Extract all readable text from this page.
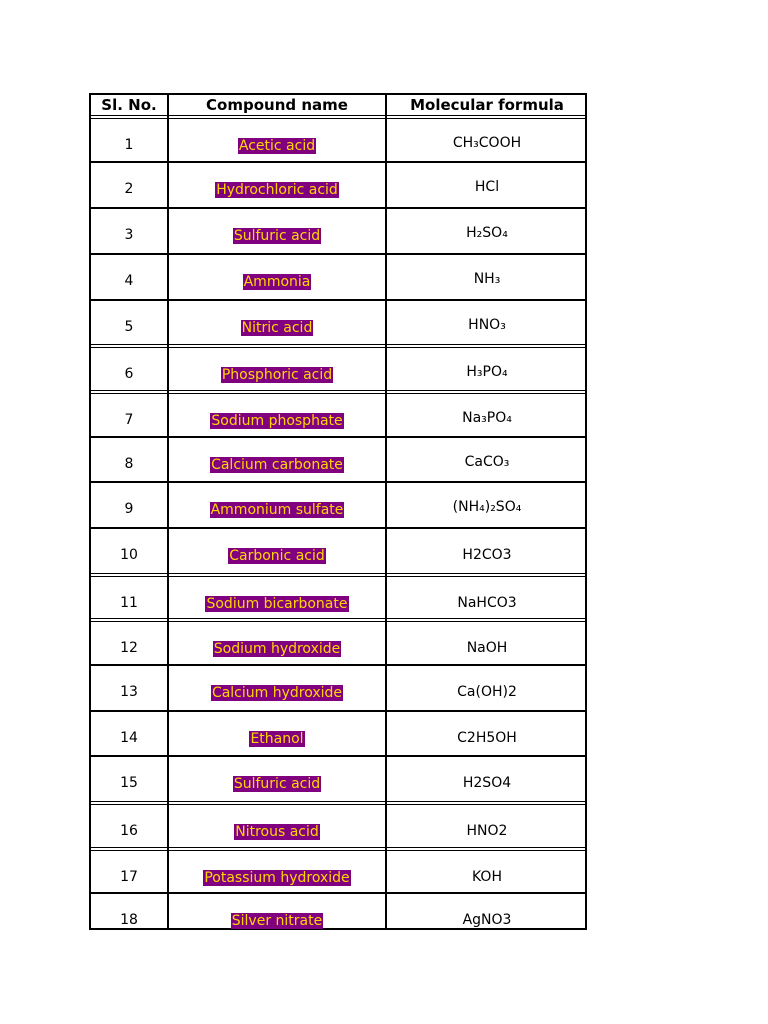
Sl. No.	Compound name	Molecular formula
1	Acetic acid	CH₃COOH
2	Hydrochloric acid	HCl
3	Sulfuric acid	H₂SO₄
4	Ammonia	NH₃
5	Nitric acid	HNO₃
6	Phosphoric acid	H₃PO₄
7	Sodium phosphate	Na₃PO₄
8	Calcium carbonate	CaCO₃
9	Ammonium sulfate	(NH₄)₂SO₄
10	Carbonic acid	H2CO3
11	Sodium bicarbonate	NaHCO3
12	Sodium hydroxide	NaOH
13	Calcium hydroxide	Ca(OH)2
14	Ethanol	C2H5OH
15	Sulfuric acid	H2SO4
16	Nitrous acid	HNO2
17	Potassium hydroxide	KOH
18	Silver nitrate	AgNO3
